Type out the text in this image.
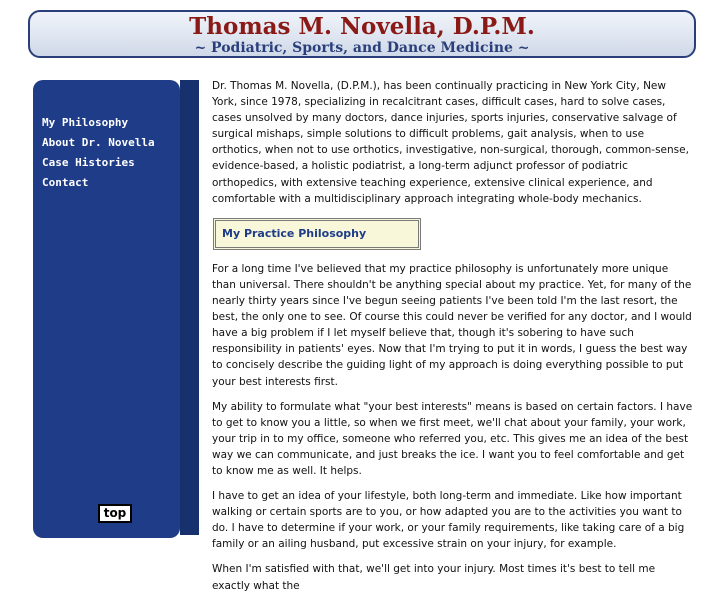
Thomas M. Novella, D.P.M.
~ Podiatric, Sports, and Dance Medicine ~
My Philosophy
About Dr. Novella
Case Histories
Contact
top

Dr. Thomas M. Novella, (D.P.M.), has been continually practicing in New York City, New York, since 1978, specializing in recalcitrant cases, difficult cases, hard to solve cases, cases unsolved by many doctors, dance injuries, sports injuries, conservative salvage of surgical mishaps, simple solutions to difficult problems, gait analysis, when to use orthotics, when not to use orthotics, investigative, non-surgical, thorough, common-sense, evidence-based, a holistic podiatrist, a long-term adjunct professor of podiatric orthopedics, with extensive teaching experience, extensive clinical experience, and comfortable with a multidisciplinary approach integrating whole-body mechanics.

My Practice Philosophy

For a long time I've believed that my practice philosophy is unfortunately more unique than universal. There shouldn't be anything special about my practice. Yet, for many of the nearly thirty years since I've begun seeing patients I've been told I'm the last resort, the best, the only one to see. Of course this could never be verified for any doctor, and I would have a big problem if I let myself believe that, though it's sobering to have such responsibility in patients' eyes. Now that I'm trying to put it in words, I guess the best way to concisely describe the guiding light of my approach is doing everything possible to put your best interests first.

My ability to formulate what "your best interests" means is based on certain factors. I have to get to know you a little, so when we first meet, we'll chat about your family, your work, your trip in to my office, someone who referred you, etc. This gives me an idea of the best way we can communicate, and just breaks the ice. I want you to feel comfortable and get to know me as well. It helps.

I have to get an idea of your lifestyle, both long-term and immediate. Like how important walking or certain sports are to you, or how adapted you are to the activities you want to do. I have to determine if your work, or your family requirements, like taking care of a big family or an ailing husband, put excessive strain on your injury, for example.

When I'm satisfied with that, we'll get into your injury. Most times it's best to tell me exactly what the
